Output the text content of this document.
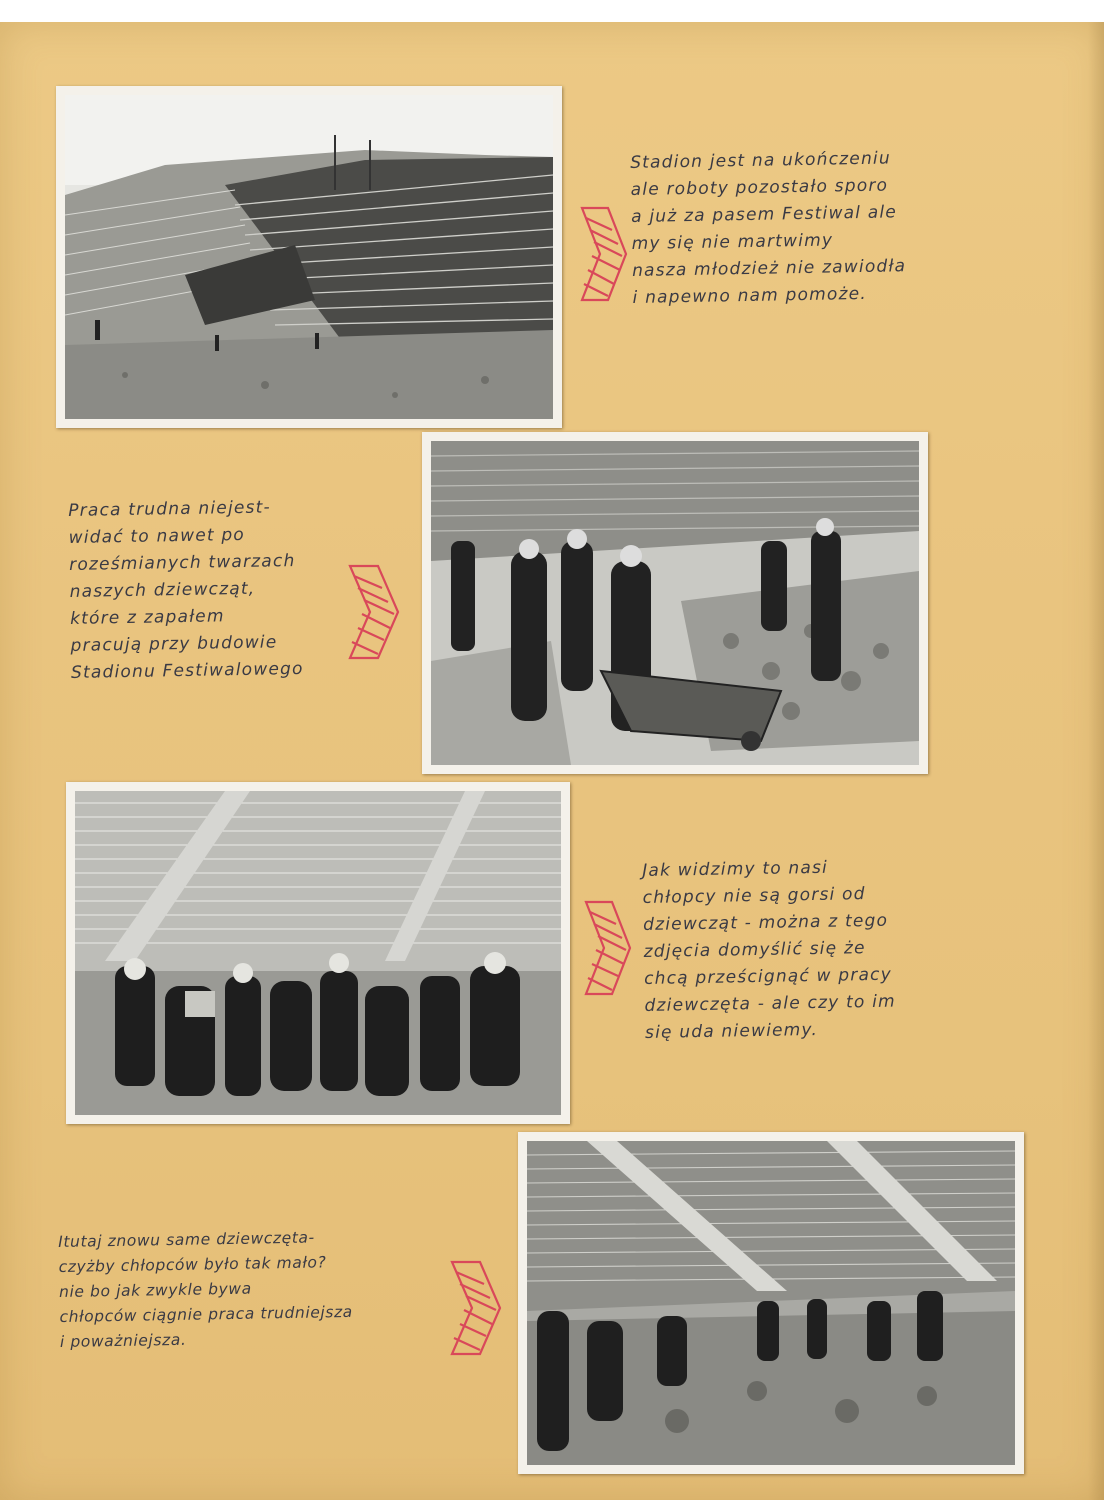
Stadion jest na ukończeniu
ale roboty pozostało sporo
a już za pasem Festiwal ale
my się nie martwimy
nasza młodzież nie zawiodła
i napewno nam pomoże.
Praca trudna niejest-
widać to nawet po
roześmianych twarzach
naszych dziewcząt,
które z zapałem
pracują przy budowie
Stadionu Festiwalowego
Jak widzimy to nasi
chłopcy nie są gorsi od
dziewcząt - można z tego
zdjęcia domyślić się że
chcą prześcignąć w pracy
dziewczęta - ale czy to im
się uda niewiemy.
Itutaj znowu same dziewczęta-
czyżby chłopców było tak mało?
nie bo jak zwykle bywa
chłopców ciągnie praca trudniejsza
i poważniejsza.
